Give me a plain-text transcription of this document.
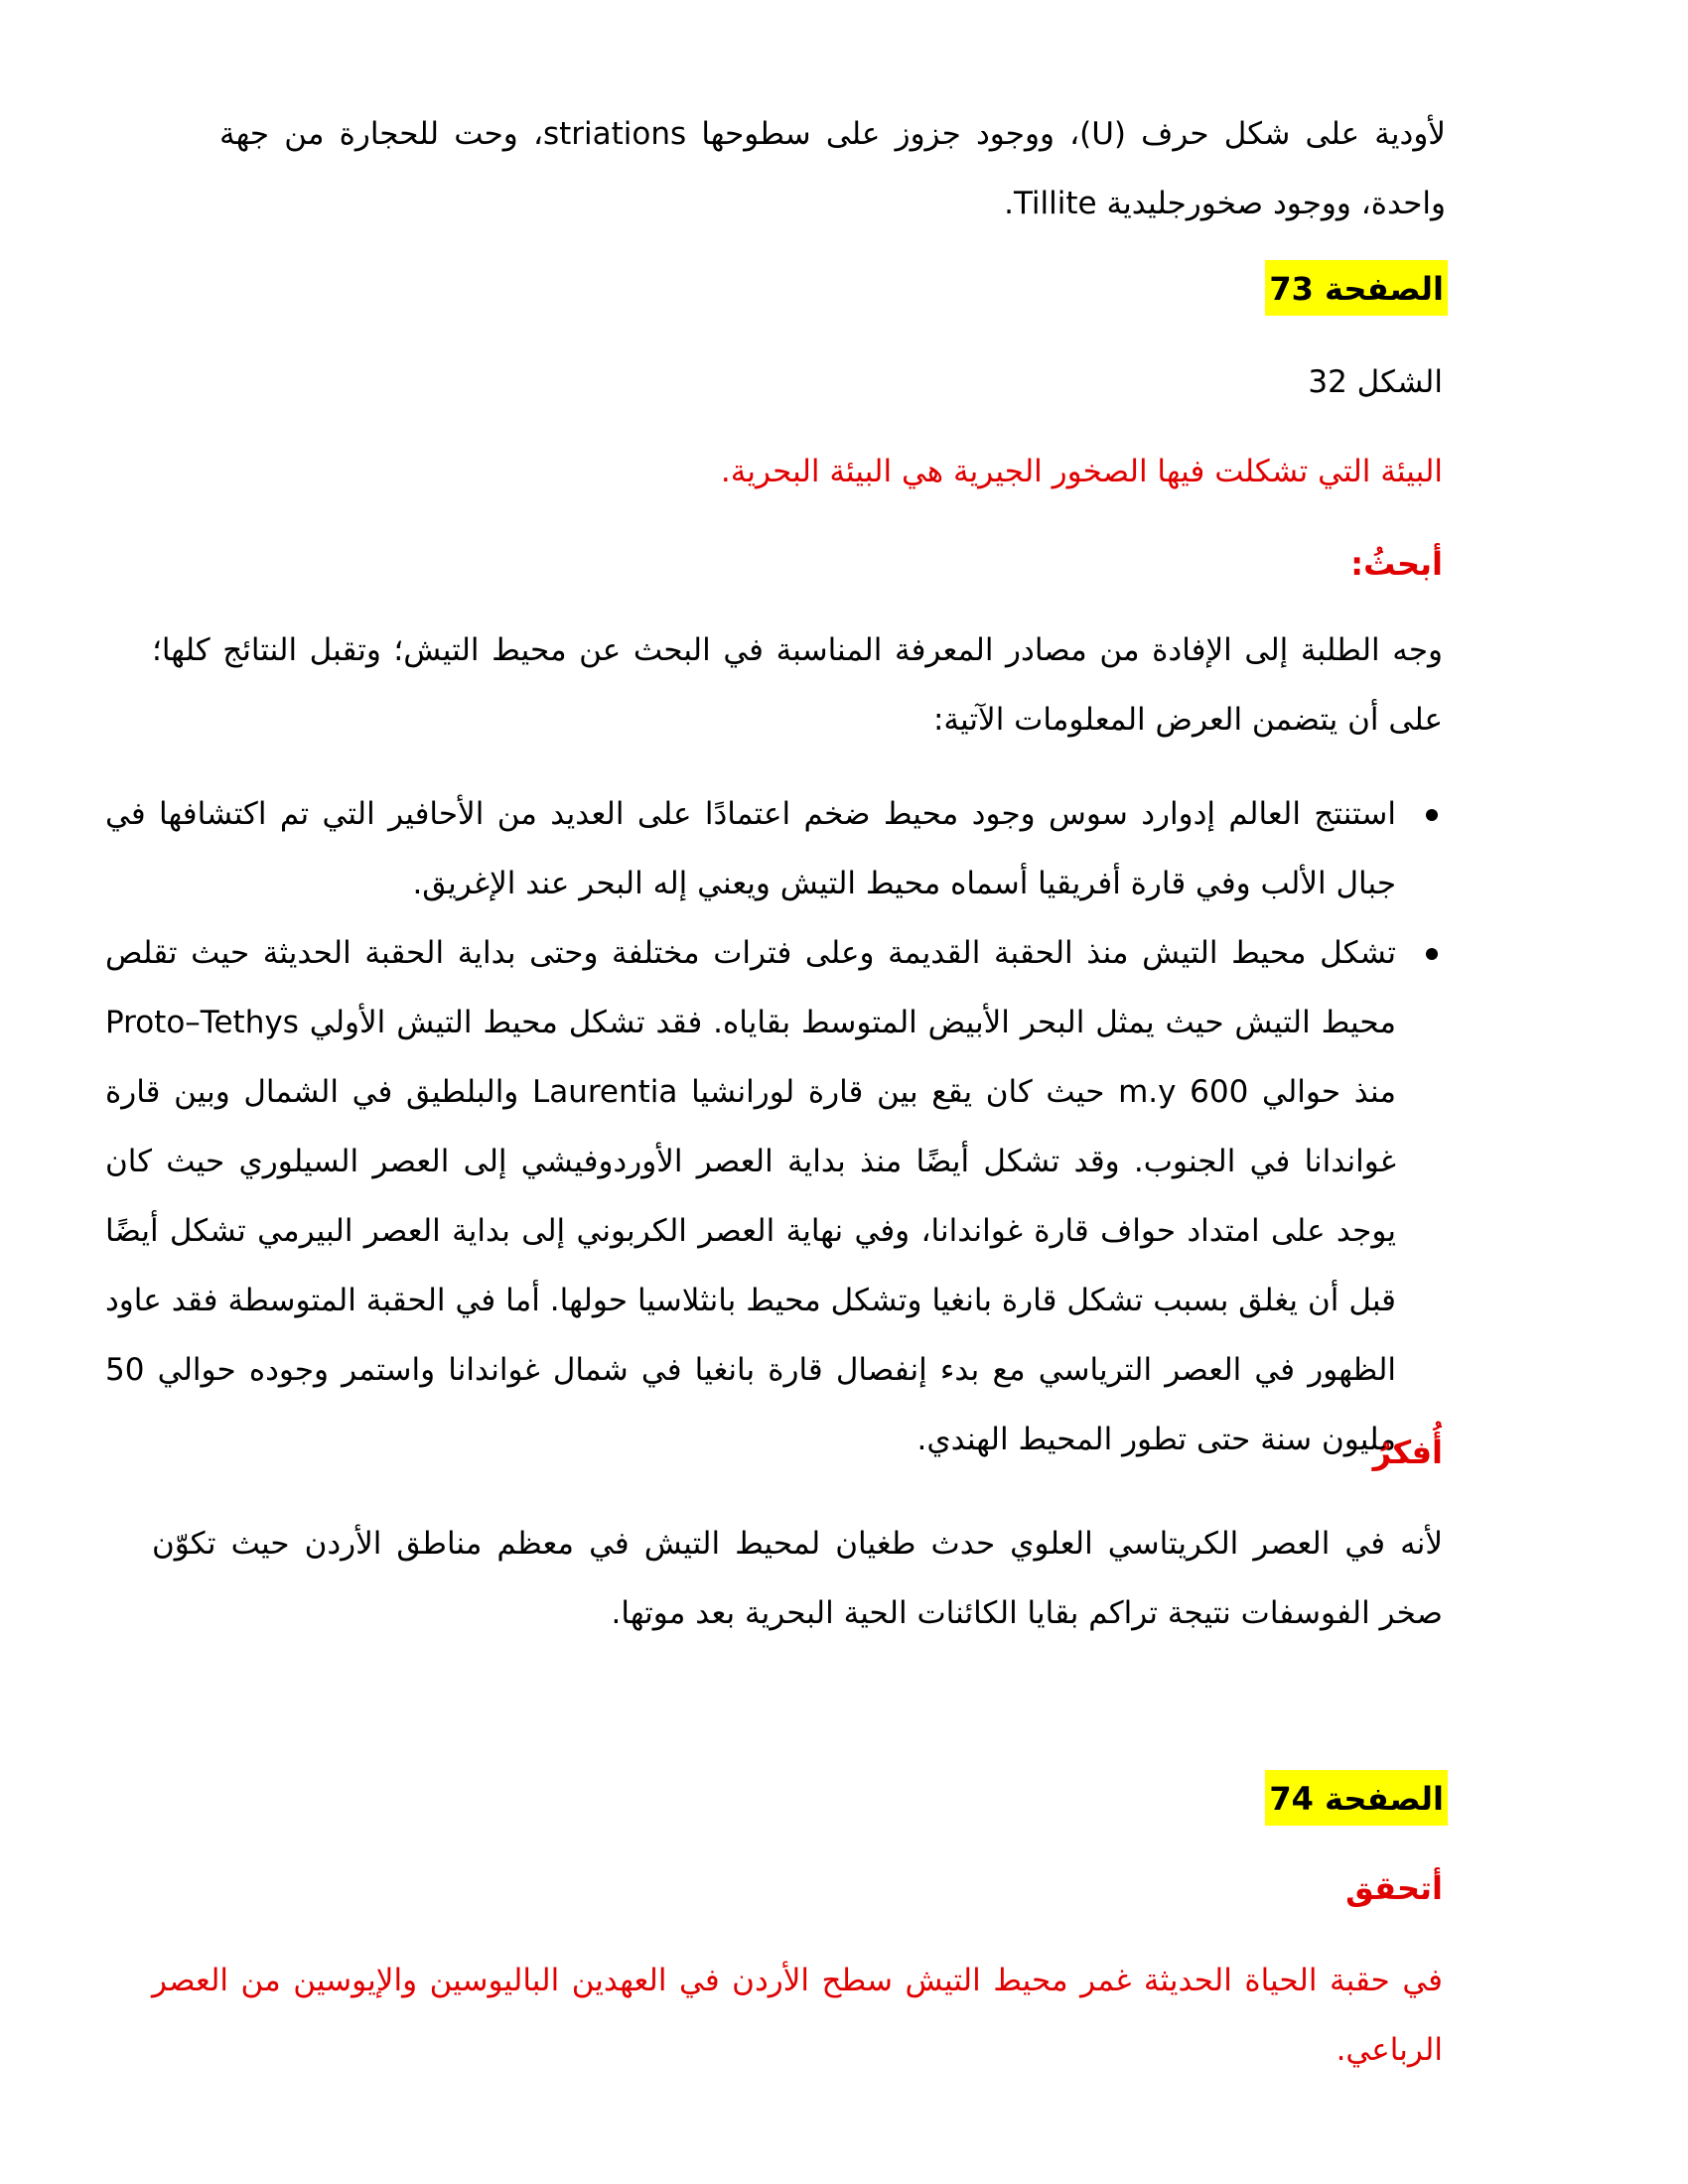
لأودية على شكل حرف (U)، ووجود جزوز على سطوحها striations، وحت للحجارة من جهة واحدة، ووجود صخورجليدية Tillite.
الصفحة 73
الشكل 32
البيئة التي تشكلت فيها الصخور الجيرية هي البيئة البحرية.
أبحثُ:
وجه الطلبة إلى الإفادة من مصادر المعرفة المناسبة في البحث عن محيط التيش؛ وتقبل النتائج كلها؛ على أن يتضمن العرض المعلومات الآتية:
استنتج العالم إدوارد سوس وجود محيط ضخم اعتمادًا على العديد من الأحافير التي تم اكتشافها في جبال الألب وفي قارة أفريقيا أسماه محيط التيش ويعني إله البحر عند الإغريق.
تشكل محيط التيش منذ الحقبة القديمة وعلى فترات مختلفة وحتى بداية الحقبة الحديثة حيث تقلص محيط التيش حيث يمثل البحر الأبيض المتوسط بقاياه. فقد تشكل محيط التيش الأولي Proto–Tethys منذ حوالي 600 m.y حيث كان يقع بين قارة لورانشيا Laurentia والبلطيق في الشمال وبين قارة غواندانا في الجنوب. وقد تشكل أيضًا منذ بداية العصر الأوردوفيشي إلى العصر السيلوري حيث كان يوجد على امتداد حواف قارة غواندانا، وفي نهاية العصر الكربوني إلى بداية العصر البيرمي تشكل أيضًا قبل أن يغلق بسبب تشكل قارة بانغيا وتشكل محيط بانثلاسيا حولها. أما في الحقبة المتوسطة فقد عاود الظهور في العصر الترياسي مع بدء إنفصال قارة بانغيا في شمال غواندانا واستمر وجوده حوالي 50 مليون سنة حتى تطور المحيط الهندي.
أُفكرُ
لأنه في العصر الكريتاسي العلوي حدث طغيان لمحيط التيش في معظم مناطق الأردن حيث تكوّن صخر الفوسفات نتيجة تراكم بقايا الكائنات الحية البحرية بعد موتها.
الصفحة 74
أتحقق
في حقبة الحياة الحديثة غمر محيط التيش سطح الأردن في العهدين الباليوسين والإيوسين من العصر الرباعي.
